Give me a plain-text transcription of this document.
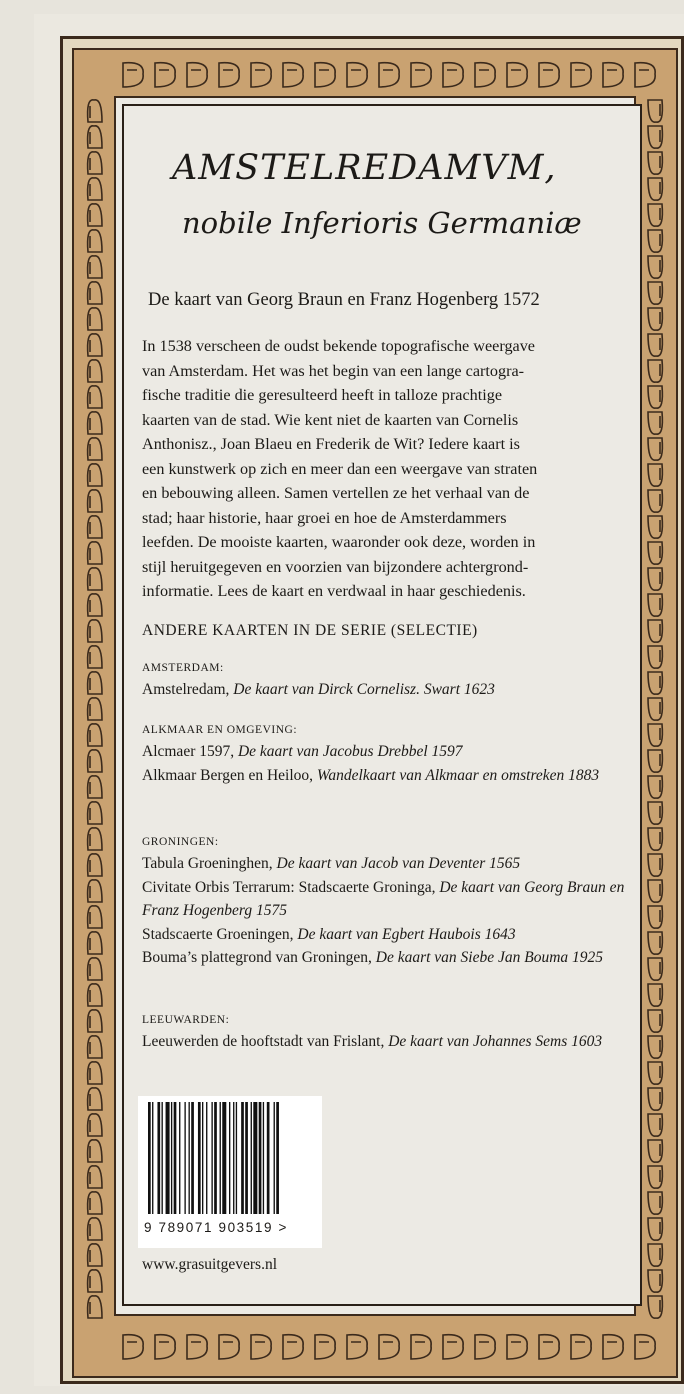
AMSTELREDAMVM,
nobile Inferioris Germaniæ
De kaart van Georg Braun en Franz Hogenberg 1572

In 1538 verscheen de oudst bekende topografische weergave

van Amsterdam. Het was het begin van een lange cartogra-

fische traditie die geresulteerd heeft in talloze prachtige

kaarten van de stad. Wie kent niet de kaarten van Cornelis

Anthonisz., Joan Blaeu en Frederik de Wit? Iedere kaart is

een kunstwerk op zich en meer dan een weergave van straten

en bebouwing alleen. Samen vertellen ze het verhaal van de

stad; haar historie, haar groei en hoe de Amsterdammers

leefden. De mooiste kaarten, waaronder ook deze, worden in

stijl heruitgegeven en voorzien van bijzondere achtergrond-

informatie. Lees de kaart en verdwaal in haar geschiedenis.

ANDERE KAARTEN IN DE SERIE (SELECTIE)
AMSTERDAM:

Amstelredam, De kaart van Dirck Cornelisz. Swart 1623

ALKMAAR EN OMGEVING:

Alcmaer 1597, De kaart van Jacobus Drebbel 1597

Alkmaar Bergen en Heiloo, Wandelkaart van Alkmaar en omstreken 1883

GRONINGEN:

Tabula Groeninghen, De kaart van Jacob van Deventer 1565

Civitate Orbis Terrarum: Stadscaerte Groninga, De kaart van Georg Braun en Franz Hogenberg 1575

Stadscaerte Groeningen, De kaart van Egbert Haubois 1643

Bouma’s plattegrond van Groningen, De kaart van Siebe Jan Bouma 1925

LEEUWARDEN:

Leeuwerden de hooftstadt van Frislant, De kaart van Johannes Sems 1603

9 789071 903519 >
www.grasuitgevers.nl
